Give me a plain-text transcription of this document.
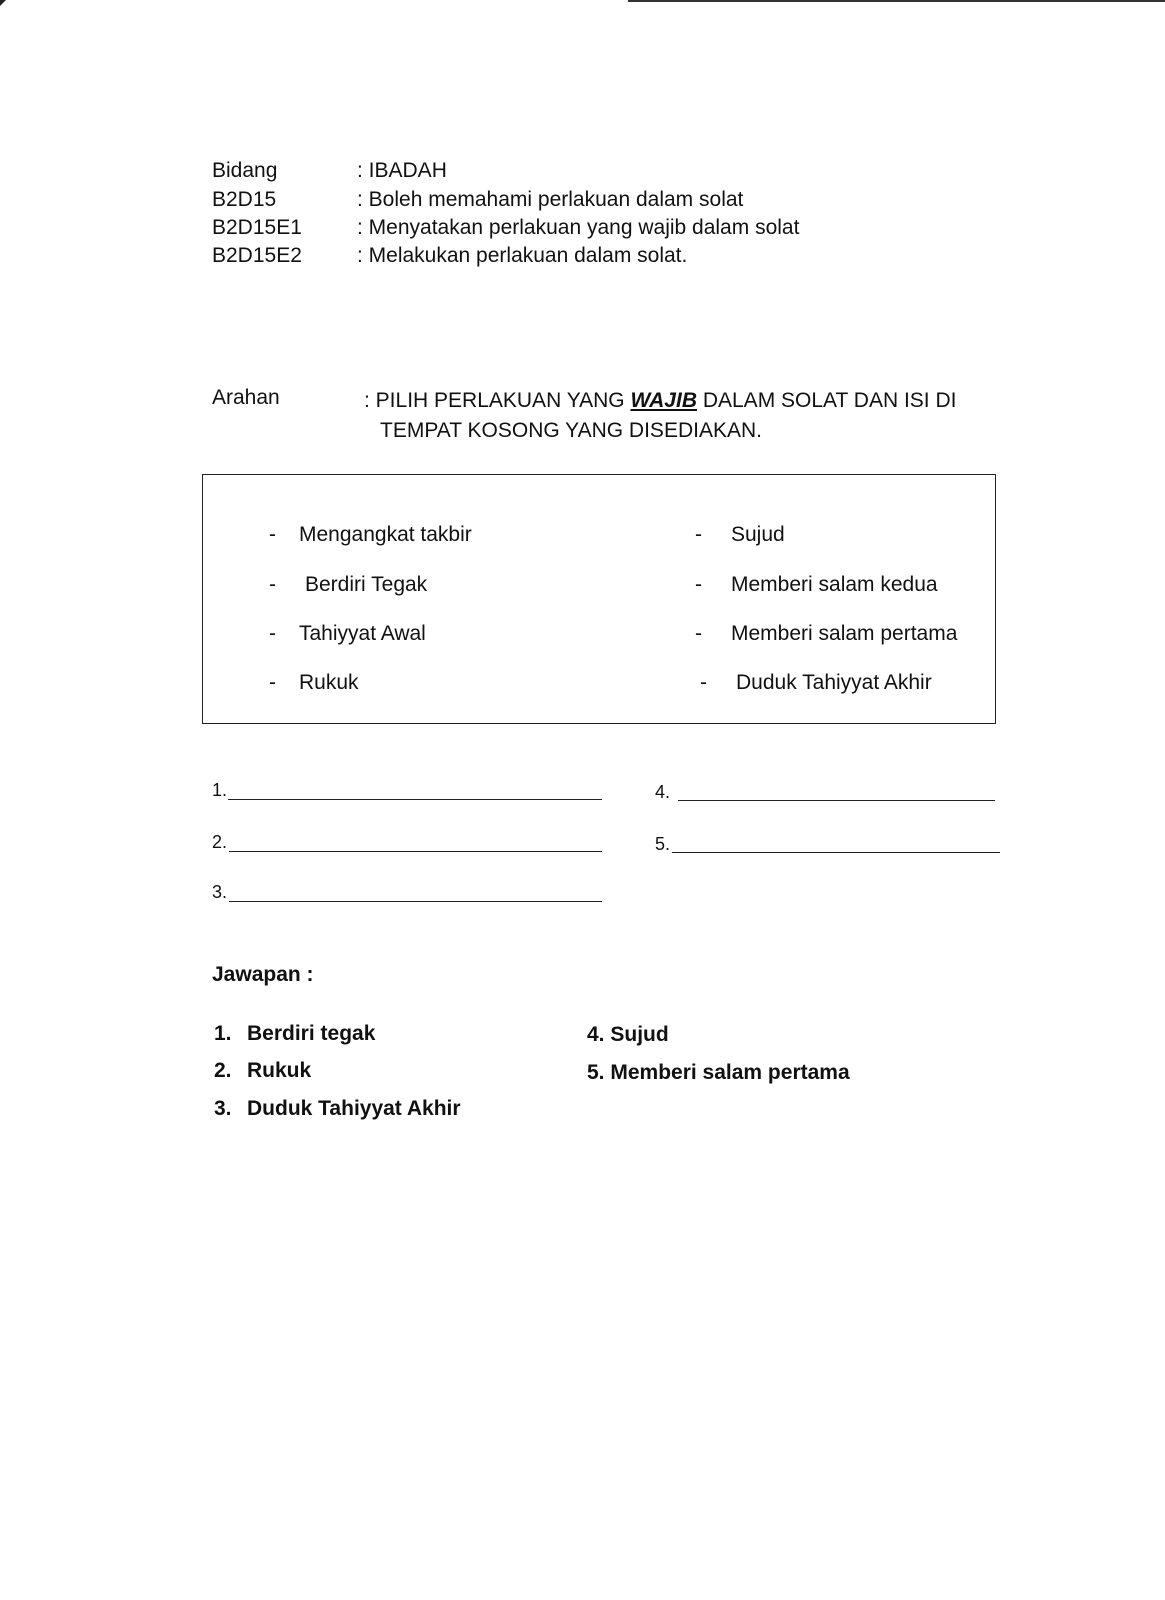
Bidang	: IBADAH
B2D15	: Boleh memahami perlakuan dalam solat
B2D15E1	: Menyatakan perlakuan yang wajib dalam solat
B2D15E2	: Melakukan perlakuan dalam solat.
Arahan	: PILIH PERLAKUAN YANG WAJIB DALAM SOLAT DAN ISI DI
TEMPAT KOSONG YANG DISEDIAKAN.
- Mengangkat takbir
- Berdiri Tegak
- Tahiyyat Awal
- Rukuk
- Sujud
- Memberi salam kedua
- Memberi salam pertama
- Duduk Tahiyyat Akhir
1.
2.
3.
4.
5.
Jawapan :
1. Berdiri tegak
2. Rukuk
3. Duduk Tahiyyat Akhir
4. Sujud
5. Memberi salam pertama
